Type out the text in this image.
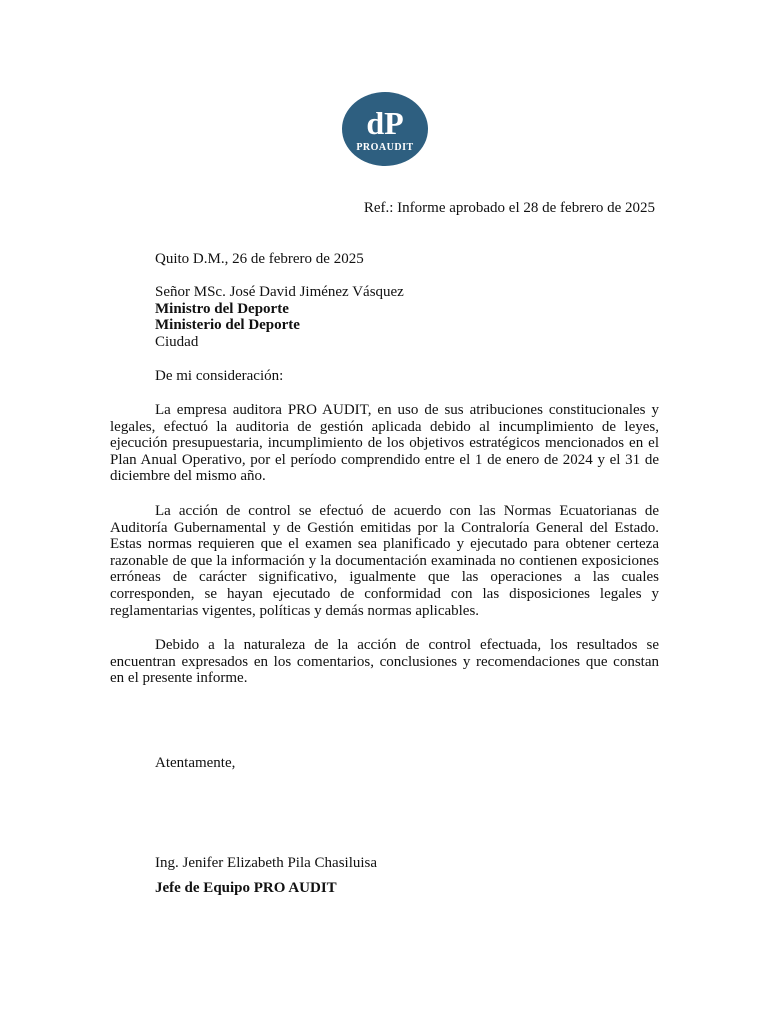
dP
PROAUDIT
Ref.: Informe aprobado el 28 de febrero de 2025
Quito D.M., 26 de febrero de 2025
Señor MSc. José David Jiménez Vásquez
Ministro del Deporte
Ministerio del Deporte
Ciudad
De mi consideración:
La empresa auditora PRO AUDIT, en uso de sus atribuciones constitucionales y legales, efectuó la auditoria de gestión aplicada debido al incumplimiento de leyes, ejecución presupuestaria, incumplimiento de los objetivos estratégicos mencionados en el Plan Anual Operativo, por el período comprendido entre el 1 de enero de 2024 y el 31 de diciembre del mismo año.
La acción de control se efectuó de acuerdo con las Normas Ecuatorianas de Auditoría Gubernamental y de Gestión emitidas por la Contraloría General del Estado. Estas normas requieren que el examen sea planificado y ejecutado para obtener certeza razonable de que la información y la documentación examinada no contienen exposiciones erróneas de carácter significativo, igualmente que las operaciones a las cuales corresponden, se hayan ejecutado de conformidad con las disposiciones legales y reglamentarias vigentes, políticas y demás normas aplicables.
Debido a la naturaleza de la acción de control efectuada, los resultados se encuentran expresados en los comentarios, conclusiones y recomendaciones que constan en el presente informe.
Atentamente,
Ing. Jenifer Elizabeth Pila Chasiluisa
Jefe de Equipo PRO AUDIT
